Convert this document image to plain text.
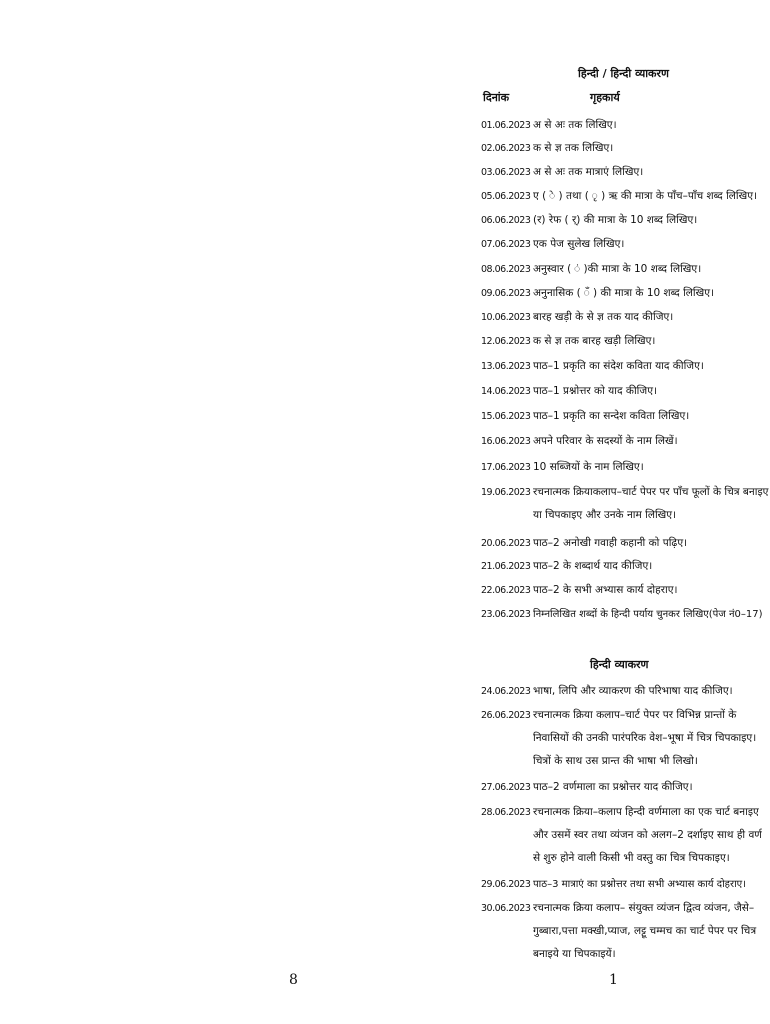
हिन्दी / हिन्दी व्याकरण
दिनांक	गृहकार्य
01.06.2023 अ से अः तक लिखिए।
02.06.2023 क से ज्ञ तक लिखिए।
03.06.2023 अ से अः तक मात्राएं लिखिए।
05.06.2023 ए ( े ) तथा ( ृ ) ऋ की मात्रा के पाँच–पाँच शब्द लिखिए।
06.06.2023 (र) रेफ ( र्) की मात्रा के 10 शब्द लिखिए।
07.06.2023 एक पेज सुलेख लिखिए।
08.06.2023 अनुस्वार ( ं )की मात्रा के 10 शब्द लिखिए।
09.06.2023 अनुनासिक ( ँ ) की मात्रा के 10 शब्द लिखिए।
10.06.2023 बारह खड़ी के से ज्ञ तक याद कीजिए।
12.06.2023 क से ज्ञ तक बारह खड़ी लिखिए।
13.06.2023 पाठ–1 प्रकृति का संदेश कविता याद कीजिए।
14.06.2023 पाठ–1 प्रश्नोत्तर को याद कीजिए।
15.06.2023 पाठ–1 प्रकृति का सन्देश कविता लिखिए।
16.06.2023 अपने परिवार के सदस्यों के नाम लिखें।
17.06.2023 10 सब्जियों के नाम लिखिए।
19.06.2023 रचनात्मक क्रियाकलाप–चार्ट पेपर पर पाँच फूलों के चित्र बनाइए या चिपकाइए और उनके नाम लिखिए।
20.06.2023 पाठ–2 अनोखी गवाही कहानी को पढ़िए।
21.06.2023 पाठ–2 के शब्दार्थ याद कीजिए।
22.06.2023 पाठ–2 के सभी अभ्यास कार्य दोहराए।
23.06.2023 निम्नलिखित शब्दों के हिन्दी पर्याय चुनकर लिखिए(पेज नं0–17)
हिन्दी व्याकरण
24.06.2023 भाषा, लिपि और व्याकरण की परिभाषा याद कीजिए।
26.06.2023 रचनात्मक क्रिया कलाप–चार्ट पेपर पर विभिन्न प्रान्तों के निवासियों की उनकी पारंपरिक वेश–भूषा में चित्र चिपकाइए। चित्रों के साथ उस प्रान्त की भाषा भी लिखो।
27.06.2023 पाठ–2 वर्णमाला का प्रश्नोत्तर याद कीजिए।
28.06.2023 रचनात्मक क्रिया–कलाप हिन्दी वर्णमाला का एक चार्ट बनाइए और उसमें स्वर तथा व्यंजन को अलग–2 दर्शाइए साथ ही वर्ण से शुरु होने वाली किसी भी वस्तु का चित्र चिपकाइए।
29.06.2023 पाठ–3 मात्राएं का प्रश्नोत्तर तथा सभी अभ्यास कार्य दोहराए।
30.06.2023 रचनात्मक क्रिया कलाप– संयुक्त व्यंजन द्वित्व व्यंजन, जैसे–गुब्बारा,पत्ता मक्खी,प्याज, लट्टू चम्मच का चार्ट पेपर पर चित्र बनाइये या चिपकाइयें।
8	1
